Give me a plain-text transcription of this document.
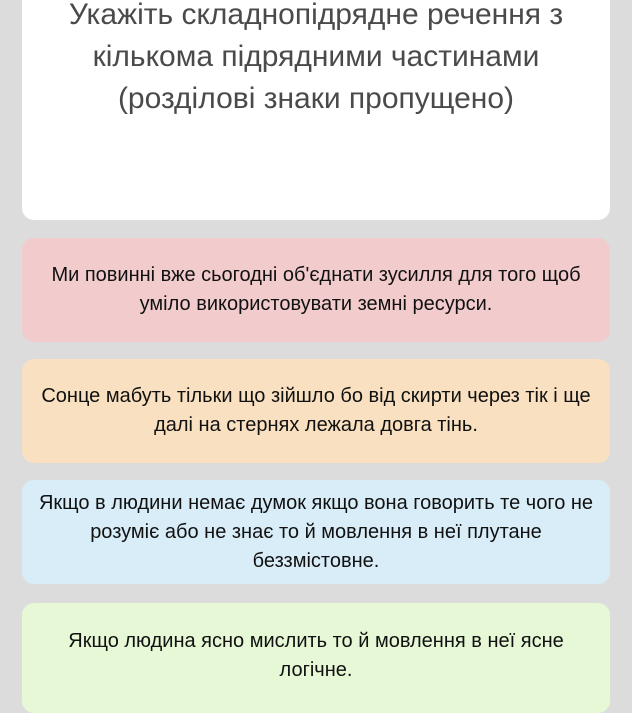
Укажіть складнопідрядне речення з кількома підрядними частинами (розділові знаки пропущено)
Ми повинні вже сьогодні об'єднати зусилля для того щоб уміло використовувати земні ресурси.
Сонце мабуть тільки що зійшло бо від скирти через тік і ще далі на стернях лежала довга тінь.
Якщо в людини немає думок якщо вона говорить те чого не розуміє або не знає то й мовлення в неї плутане беззмістовне.
Якщо людина ясно мислить то й мовлення в неї ясне логічне.
